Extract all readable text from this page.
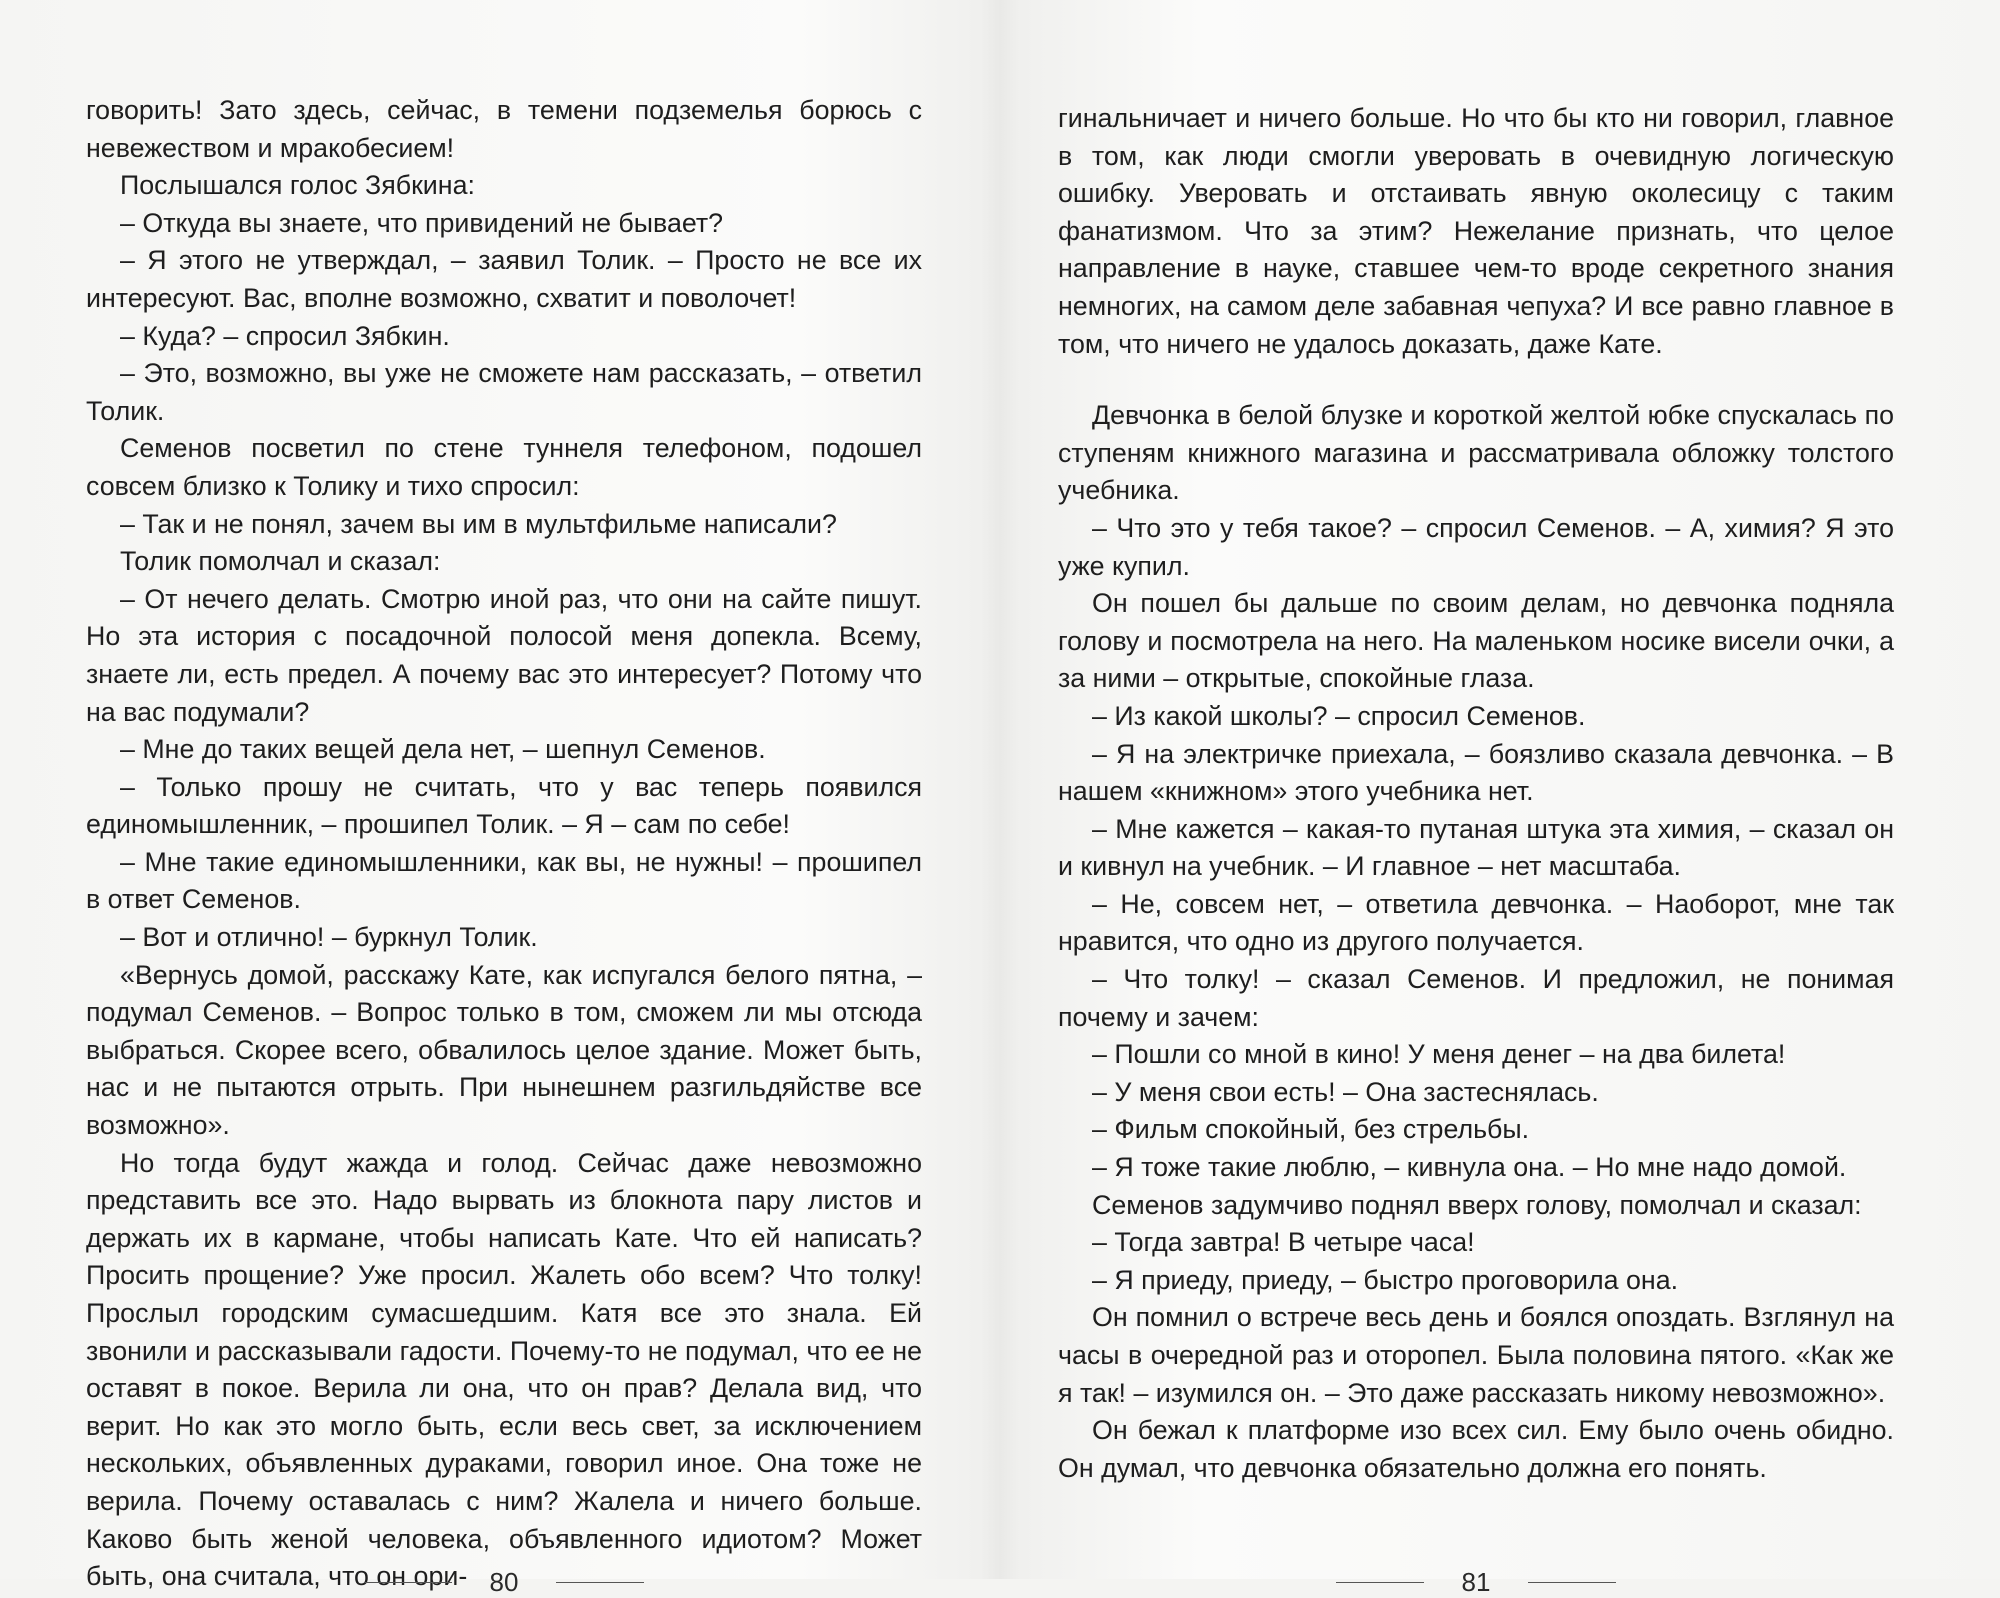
говорить! Зато здесь, сейчас, в темени подземелья борюсь с невежеством и мракобесием!

Послышался голос Зябкина:

– Откуда вы знаете, что привидений не бывает?

– Я этого не утверждал, – заявил Толик. – Просто не все их интересуют. Вас, вполне возможно, схватит и поволочет!

– Куда? – спросил Зябкин.

– Это, возможно, вы уже не сможете нам рассказать, – ответил Толик.

Семенов посветил по стене туннеля телефоном, подошел совсем близко к Толику и тихо спросил:

– Так и не понял, зачем вы им в мультфильме написали?

Толик помолчал и сказал:

– От нечего делать. Смотрю иной раз, что они на сайте пишут. Но эта история с посадочной полосой меня допекла. Всему, знаете ли, есть предел. А почему вас это интересует? Потому что на вас подумали?

– Мне до таких вещей дела нет, – шепнул Семенов.

– Только прошу не считать, что у вас теперь появился единомышленник, – прошипел Толик. – Я – сам по себе!

– Мне такие единомышленники, как вы, не нужны! – прошипел в ответ Семенов.

– Вот и отлично! – буркнул Толик.

«Вернусь домой, расскажу Кате, как испугался белого пятна, – подумал Семенов. – Вопрос только в том, сможем ли мы отсюда выбраться. Скорее всего, обвалилось целое здание. Может быть, нас и не пытаются отрыть. При нынешнем разгильдяйстве все возможно».

Но тогда будут жажда и голод. Сейчас даже невозможно представить все это. Надо вырвать из блокнота пару листов и держать их в кармане, чтобы написать Кате. Что ей написать? Просить прощение? Уже просил. Жалеть обо всем? Что толку! Прослыл городским сумасшедшим. Катя все это знала. Ей звонили и рассказывали гадости. Почему-то не подумал, что ее не оставят в покое. Верила ли она, что он прав? Делала вид, что верит. Но как это могло быть, если весь свет, за исключением нескольких, объявленных дураками, говорил иное. Она тоже не верила. Почему оставалась с ним? Жалела и ничего больше. Каково быть женой человека, объявленного идиотом? Может быть, она считала, что он ори- 80

гинальничает и ничего больше. Но что бы кто ни говорил, главное в том, как люди смогли уверовать в очевидную логическую ошибку. Уверовать и отстаивать явную околесицу с таким фанатизмом. Что за этим? Нежелание признать, что целое направление в науке, ставшее чем-то вроде секретного знания немногих, на самом деле забавная чепуха? И все равно главное в том, что ничего не удалось доказать, даже Кате.

Девчонка в белой блузке и короткой желтой юбке спускалась по ступеням книжного магазина и рассматривала обложку толстого учебника.

– Что это у тебя такое? – спросил Семенов. – А, химия? Я это уже купил.

Он пошел бы дальше по своим делам, но девчонка подняла голову и посмотрела на него. На маленьком носике висели очки, а за ними – открытые, спокойные глаза.

– Из какой школы? – спросил Семенов.

– Я на электричке приехала, – боязливо сказала девчонка. – В нашем «книжном» этого учебника нет.

– Мне кажется – какая-то путаная штука эта химия, – сказал он и кивнул на учебник. – И главное – нет масштаба.

– Не, совсем нет, – ответила девчонка. – Наоборот, мне так нравится, что одно из другого получается.

– Что толку! – сказал Семенов. И предложил, не понимая почему и зачем:

– Пошли со мной в кино! У меня денег – на два билета!

– У меня свои есть! – Она застеснялась.

– Фильм спокойный, без стрельбы.

– Я тоже такие люблю, – кивнула она. – Но мне надо домой.

Семенов задумчиво поднял вверх голову, помолчал и сказал:

– Тогда завтра! В четыре часа!

– Я приеду, приеду, – быстро проговорила она.

Он помнил о встрече весь день и боялся опоздать. Взглянул на часы в очередной раз и оторопел. Была половина пятого. «Как же я так! – изумился он. – Это даже рассказать никому невозможно».

Он бежал к платформе изо всех сил. Ему было очень обидно. Он думал, что девчонка обязательно должна его понять.

81
